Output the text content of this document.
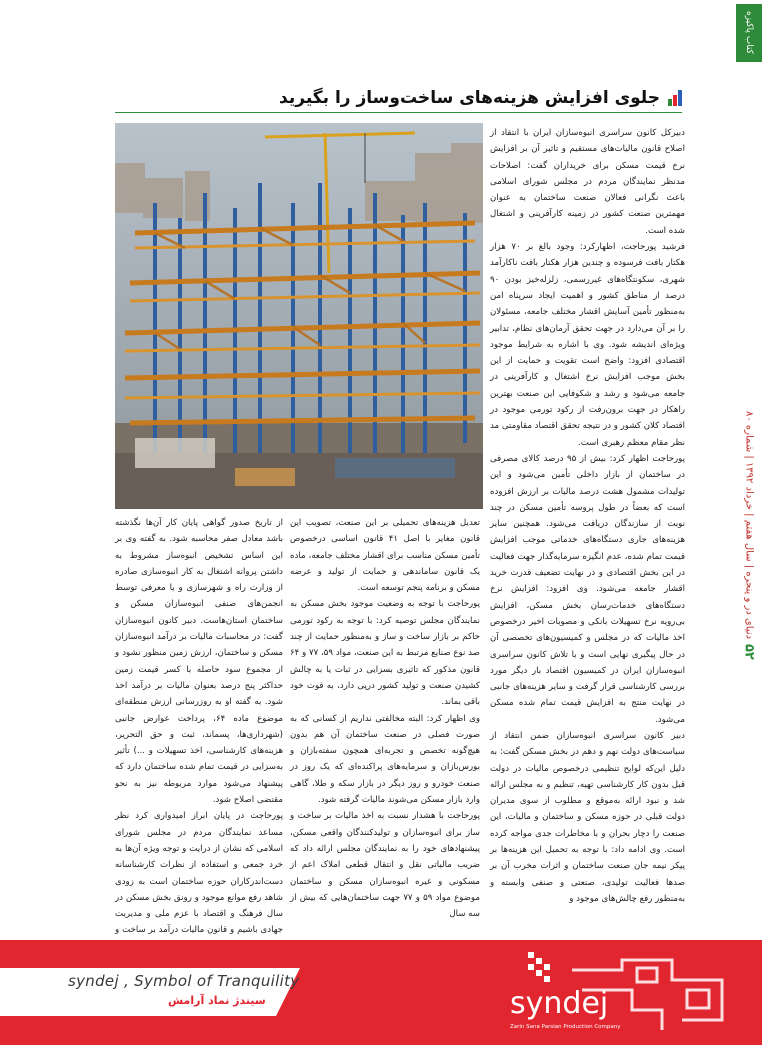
کتاب پاکیزه
دنیای در و پنجره | سال هفتم | خرداد ۱۳۹۲ | شماره ۸۰
۵۲
جلوی افزایش هزینه‌های ساخت‌وساز را بگیرید

دبیرکل کانون سراسری انبوه‌سازان ایران با انتقاد از اصلاح قانون مالیات‌های مستقیم و تاثیر آن بر افزایش نرخ قیمت مسکن برای خریداران گفت: اصلاحات مدنظر نمایندگان مردم در مجلس شورای اسلامی باعث نگرانی فعالان صنعت ساختمان به عنوان مهمترین صنعت کشور در زمینه کارآفرینی و اشتغال شده است.

فرشید پورحاجت، اظهارکرد: وجود بالغ بر ۷۰ هزار هکتار بافت فرسوده و چندین هزار هکتار بافت ناکارآمد شهری، سکونتگاه‌های غیررسمی، زلزله‌خیز بودن ۹۰ درصد از مناطق کشور و اهمیت ایجاد سرپناه امن به‌منظور تأمین آسایش اقشار مختلف جامعه، مسئولان را بر آن می‌دارد در جهت تحقق آرمان‌های نظام، تدابیر ویژه‌ای اندیشه شود. وی با اشاره به شرایط موجود اقتصادی افزود: واضح است تقویت و حمایت از این بخش موجب افزایش نرخ اشتغال و کارآفرینی در جامعه می‌شود و رشد و شکوفایی این صنعت بهترین راهکار در جهت برون‌رفت از رکود تورمی موجود در اقتصاد کلان کشور و در نتیجه تحقق اقتصاد مقاومتی مد نظر مقام معظم رهبری است.

پورحاجت اظهار کرد: بیش از ۹۵ درصد کالای مصرفی در ساختمان از بازار داخلی تأمین می‌شود و این تولیدات مشمول هشت درصد مالیات بر ارزش افزوده است که بعضاً در طول پروسه تأمین مسکن در چند نوبت از سازندگان دریافت می‌شود. همچنین سایر هزینه‌های جاری دستگاه‌های خدماتی موجب افزایش قیمت تمام شده، عدم انگیزه سرمایه‌گذار جهت فعالیت در این بخش اقتصادی و در نهایت تضعیف قدرت خرید اقشار جامعه می‌شود. وی افزود: افزایش نرخ دستگاه‌های خدمات‌رسان بخش مسکن، افزایش بی‌رویه نرخ تسهیلات بانکی و مصوبات اخیر درخصوص اخذ مالیات که در مجلس و کمیسیون‌های تخصصی آن در حال پیگیری نهایی است و با تلاش کانون سراسری انبوه‌سازان ایران در کمیسیون اقتصاد بار دیگر مورد بررسی کارشناسی قرار گرفت و سایر هزینه‌های جانبی در نهایت منتج به افزایش قیمت تمام شده مسکن می‌شود.

دبیر کانون سراسری انبوه‌سازان ضمن انتقاد از سیاست‌های دولت نهم و دهم در بخش مسکن گفت: به دلیل این‌که لوایح تنظیمی درخصوص مالیات در دولت قبل بدون کار کارشناسی تهیه، تنظیم و به مجلس ارائه شد و نبود ارائه به‌موقع و مطلوب از سوی مدیران دولت قبلی در حوزه مسکن و ساختمان و مالیات، این صنعت را دچار بحران و با مخاطرات جدی مواجه کرده است. وی ادامه داد: با توجه به تحمیل این هزینه‌ها بر پیکر نیمه جان صنعت ساختمان و اثرات مخرب آن بر صدها فعالیت تولیدی، صنعتی و صنفی وابسته و به‌منظور رفع چالش‌های موجود و

تعدیل هزینه‌های تحمیلی بر این صنعت، تصویب این قانون مغایر با اصل ۴۱ قانون اساسی درخصوص تأمین مسکن مناسب برای اقشار مختلف جامعه، ماده یک قانون ساماندهی و حمایت از تولید و عرضه مسکن و برنامه پنجم توسعه است.

پورحاجت با توجه به وضعیت موجود بخش مسکن به نمایندگان مجلس توصیه کرد: با توجه به رکود تورمی حاکم بر بازار ساخت و ساز و به‌منظور حمایت از چند صد نوع صنایع مرتبط به این صنعت، مواد ۵۹، ۷۷ و ۶۴ قانون مذکور که تاثیری بسزایی در ثبات یا به چالش کشیدن صنعت و تولید کشور درپی دارد، به قوت خود باقی بماند.

وی اظهار کرد: البته مخالفتی نداریم از کسانی که به صورت فصلی در صنعت ساختمان آن هم بدون هیچ‌گونه تخصص و تجربه‌ای همچون سفته‌بازان و بورس‌بازان و سرمایه‌های پراکنده‌ای که یک روز در صنعت خودرو و روز دیگر در بازار سکه و طلا، گاهی وارد بازار مسکن می‌شوند مالیات گرفته شود.

پورحاجت با هشدار نسبت به اخذ مالیات بر ساخت و ساز برای انبوه‌سازان و تولیدکنندگان واقعی مسکن، پیشنهادهای خود را به نمایندگان مجلس ارائه داد که ضریب مالیاتی نقل و انتقال قطعی املاک اعم از مسکونی و غیره انبوه‌سازان مسکن و ساختمان موضوع مواد ۵۹ و ۷۷ جهت ساختمان‌هایی که بیش از سه سال

از تاریخ صدور گواهی پایان کار آن‌ها نگذشته باشد معادل صفر محاسبه شود. به گفته وی بر این اساس تشخیص انبوه‌ساز مشروط به داشتن پروانه اشتغال به کار انبوه‌سازی صادره از وزارت راه و شهرسازی و یا معرفی توسط انجمن‌های صنفی انبوه‌سازان مسکن و ساختمان استان‌هاست. دبیر کانون انبوه‌سازان گفت: در محاسبات مالیات بر درآمد انبوه‌سازان مسکن و ساختمان، ارزش زمین منظور نشود و از مجموع سود حاصله با کسر قیمت زمین حداکثر پنج درصد بعنوان مالیات بر درآمد اخذ شود. به گفته او به روزرسانی ارزش منطقه‌ای موضوع ماده ۶۴، پرداخت عوارض جانبی (شهرداری‌ها، پسماند، ثبت و حق التحریر، هزینه‌های کارشناسی، اخذ تسهیلات و ...) تأثیر به‌سزایی در قیمت تمام شده ساختمان دارد که پیشنهاد می‌شود موارد مربوطه نیز به نحو مقتضی اصلاح شود.

پورحاجت در پایان ابراز امیدواری کرد نظر مساعد نمایندگان مردم در مجلس شورای اسلامی که نشان از درایت و توجه ویژه آن‌ها به خرد جمعی و استفاده از نظرات کارشناسانه دست‌اندرکاران حوزه ساختمان است به زودی شاهد رفع موانع موجود و رونق بخش مسکن در سال فرهنگ و اقتصاد با عزم ملی و مدیریت جهادی باشیم و قانون مالیات درآمد بر ساخت و

syndej , Symbol of Tranquility
سیندژ نماد آرامش	syndej
Zarin Sana Parsian Production Company
